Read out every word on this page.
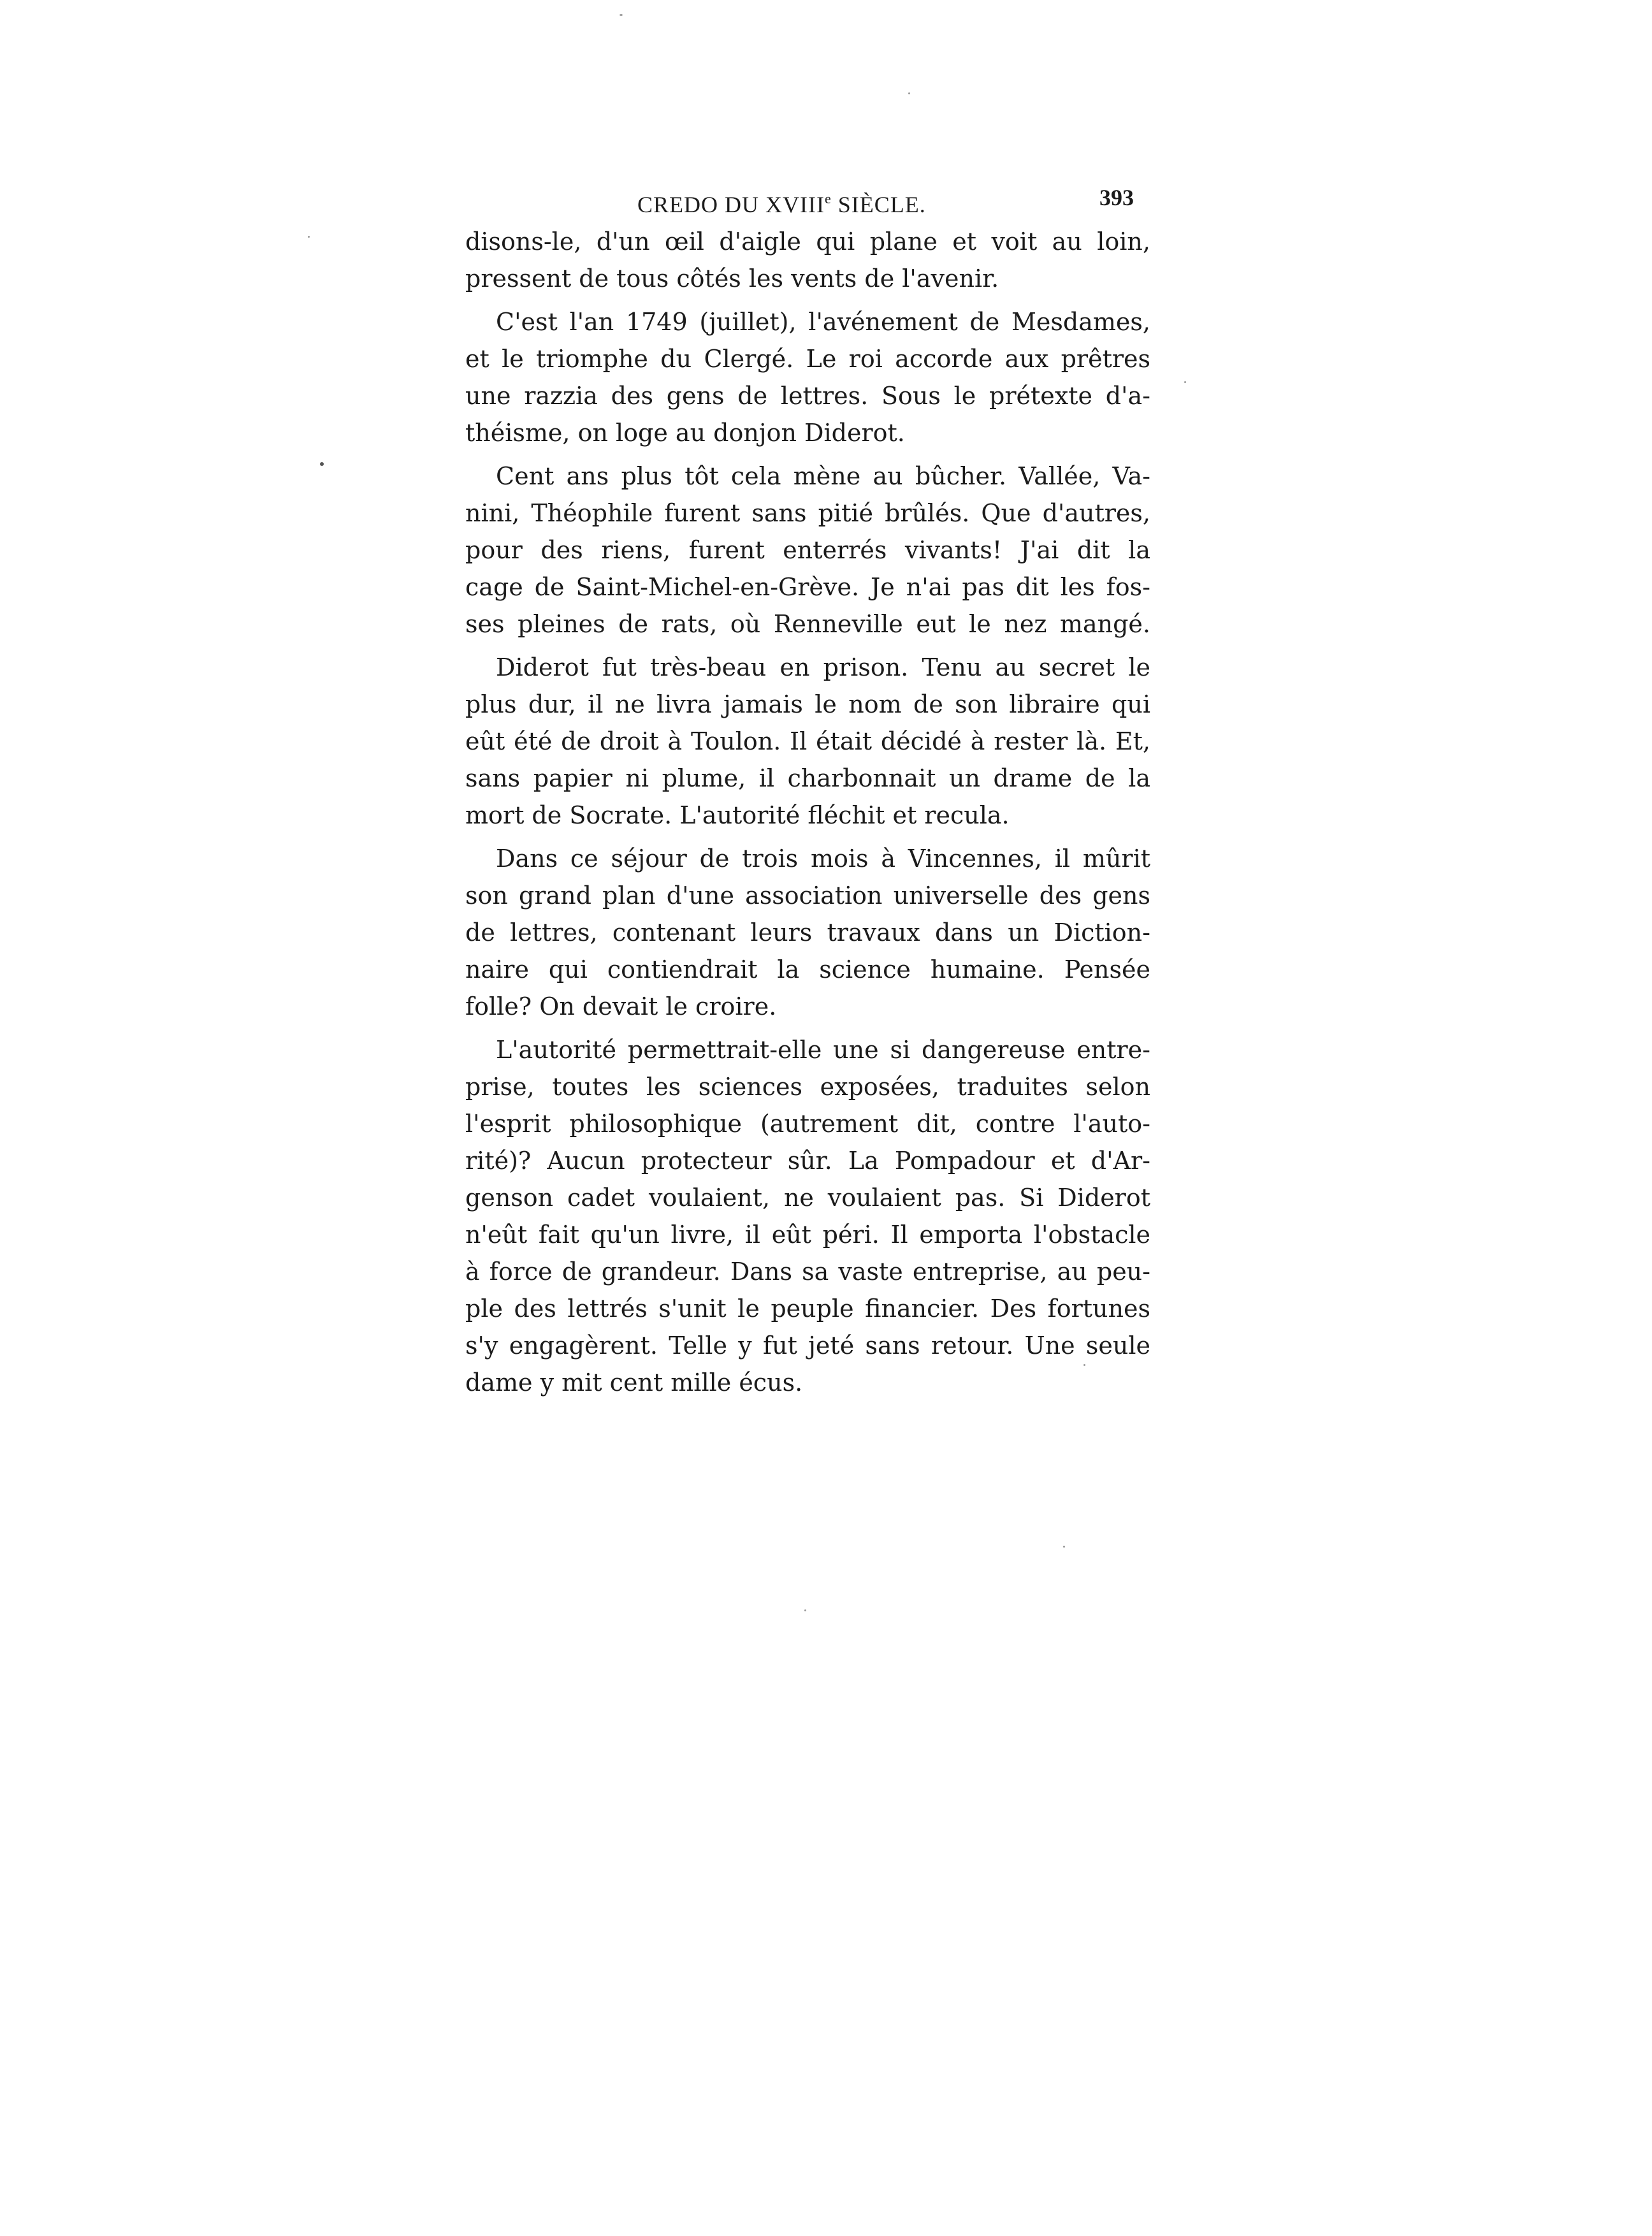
CREDO DU XVIIIe SIÈCLE.	393
disons-le, d'un œil d'aigle qui plane et voit au loin,
pressent de tous côtés les vents de l'avenir.
C'est l'an 1749 (juillet), l'avénement de Mesdames,
et le triomphe du Clergé. Le roi accorde aux prêtres
une razzia des gens de lettres. Sous le prétexte d'a-
théisme, on loge au donjon Diderot.
Cent ans plus tôt cela mène au bûcher. Vallée, Va-
nini, Théophile furent sans pitié brûlés. Que d'autres,
pour des riens, furent enterrés vivants! J'ai dit la
cage de Saint-Michel-en-Grève. Je n'ai pas dit les fos-
ses pleines de rats, où Renneville eut le nez mangé.
Diderot fut très-beau en prison. Tenu au secret le
plus dur, il ne livra jamais le nom de son libraire qui
eût été de droit à Toulon. Il était décidé à rester là. Et,
sans papier ni plume, il charbonnait un drame de la
mort de Socrate. L'autorité fléchit et recula.
Dans ce séjour de trois mois à Vincennes, il mûrit
son grand plan d'une association universelle des gens
de lettres, contenant leurs travaux dans un Diction-
naire qui contiendrait la science humaine. Pensée
folle? On devait le croire.
L'autorité permettrait-elle une si dangereuse entre-
prise, toutes les sciences exposées, traduites selon
l'esprit philosophique (autrement dit, contre l'auto-
rité)? Aucun protecteur sûr. La Pompadour et d'Ar-
genson cadet voulaient, ne voulaient pas. Si Diderot
n'eût fait qu'un livre, il eût péri. Il emporta l'obstacle
à force de grandeur. Dans sa vaste entreprise, au peu-
ple des lettrés s'unit le peuple financier. Des fortunes
s'y engagèrent. Telle y fut jeté sans retour. Une seule
dame y mit cent mille écus.
